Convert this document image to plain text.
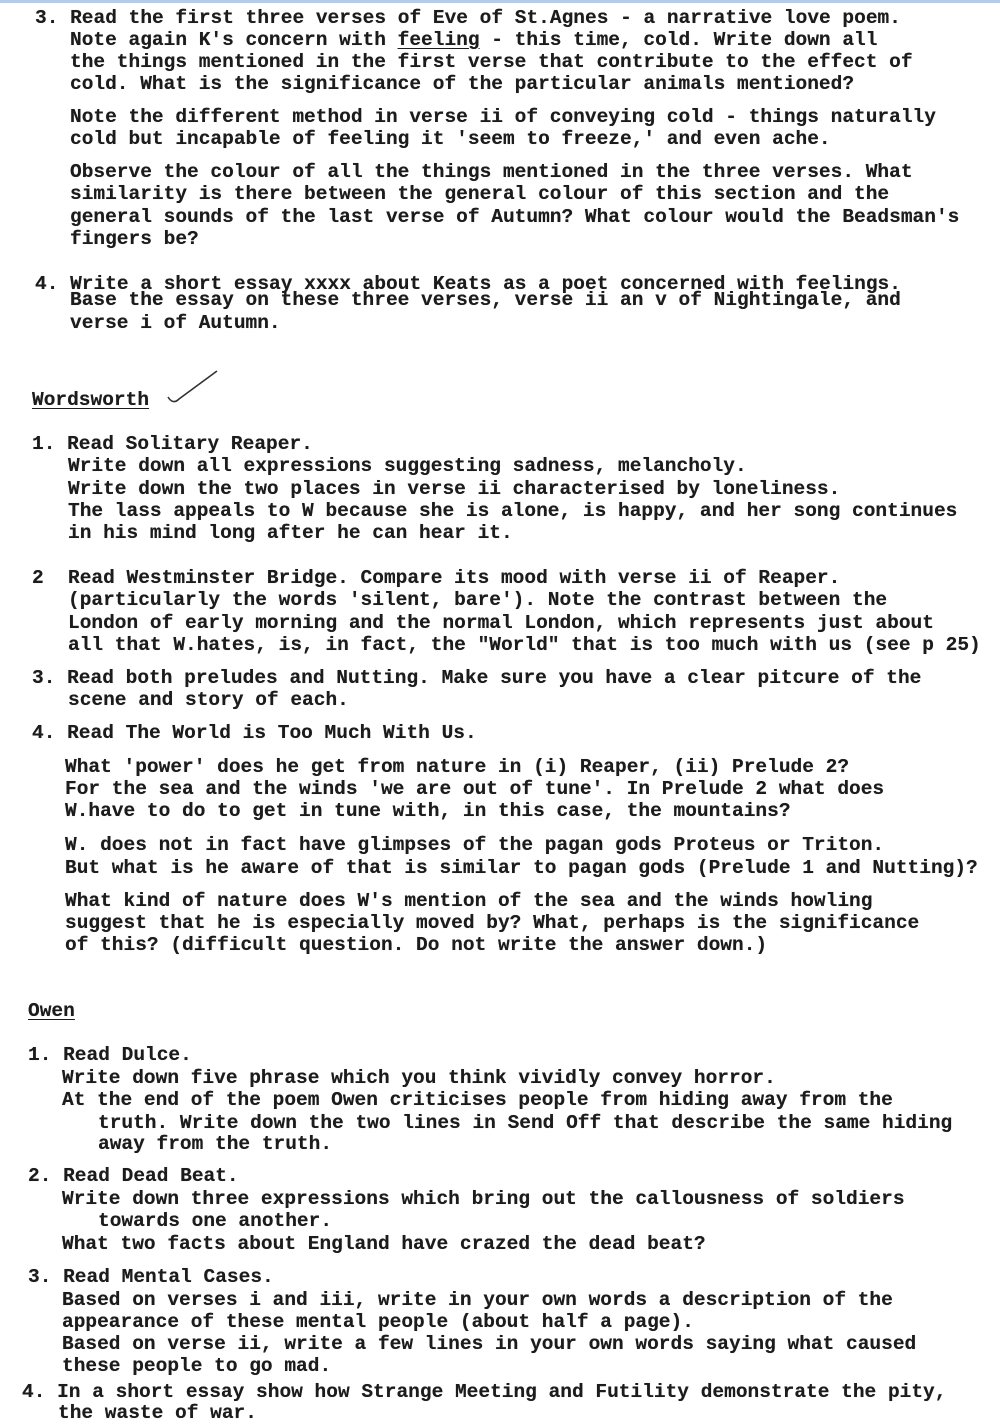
3. Read the first three verses of Eve of St.Agnes - a narrative love poem.
Note again K's concern with feeling - this time, cold. Write down all
the things mentioned in the first verse that contribute to the effect of
cold. What is the significance of the particular animals mentioned?
Note the different method in verse ii of conveying cold - things naturally
cold but incapable of feeling it 'seem to freeze,' and even ache.
Observe the colour of all the things mentioned in the three verses. What
similarity is there between the general colour of this section and the
general sounds of the last verse of Autumn? What colour would the Beadsman's
fingers be?
4. Write a short essay xxxx about Keats as a poet concerned with feelings.
Base the essay on these three verses, verse ii an v of Nightingale, and
verse i of Autumn.
Wordsworth
1. Read Solitary Reaper.
Write down all expressions suggesting sadness, melancholy.
Write down the two places in verse ii characterised by loneliness.
The lass appeals to W because she is alone, is happy, and her song continues
in his mind long after he can hear it.
2 Read Westminster Bridge. Compare its mood with verse ii of Reaper.
(particularly the words 'silent, bare'). Note the contrast between the
London of early morning and the normal London, which represents just about
all that W.hates, is, in fact, the "World" that is too much with us (see p 25)
3. Read both preludes and Nutting. Make sure you have a clear pitcure of the
scene and story of each.
4. Read The World is Too Much With Us.
What 'power' does he get from nature in (i) Reaper, (ii) Prelude 2?
For the sea and the winds 'we are out of tune'. In Prelude 2 what does
W.have to do to get in tune with, in this case, the mountains?
W. does not in fact have glimpses of the pagan gods Proteus or Triton.
But what is he aware of that is similar to pagan gods (Prelude 1 and Nutting)?
What kind of nature does W's mention of the sea and the winds howling
suggest that he is especially moved by? What, perhaps is the significance
of this? (difficult question. Do not write the answer down.)
Owen
1. Read Dulce.
Write down five phrase which you think vividly convey horror.
At the end of the poem Owen criticises people from hiding away from the
truth. Write down the two lines in Send Off that describe the same hiding
away from the truth.
2. Read Dead Beat.
Write down three expressions which bring out the callousness of soldiers
towards one another.
What two facts about England have crazed the dead beat?
3. Read Mental Cases.
Based on verses i and iii, write in your own words a description of the
appearance of these mental people (about half a page).
Based on verse ii, write a few lines in your own words saying what caused
these people to go mad.
4. In a short essay show how Strange Meeting and Futility demonstrate the pity,
the waste of war.
